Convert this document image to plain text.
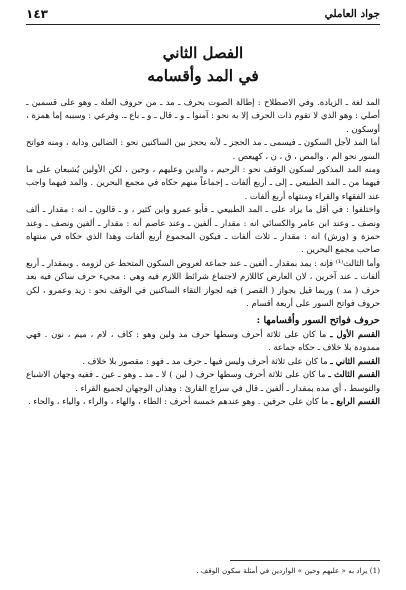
جواد العاملي
١٤٣
الفصل الثاني
في المد وأقسامه

المد لغة ـ الزيادة. وفي الاصطلاح : إطالة الصوت بحرف ـ مد ـ من حروف العلة ـ وهو على قسمين ـ أصلي : وهو الذي لا تقوم ذات الحرف إلا به نحو : آمنوا ـ و ـ قال ـ و ـ باع ـ. وفرعي : وسببه إما همزة ، أوسكون .

أما المد لأجل السكون ـ فيسمى ـ مد الحجز ـ لأنه يحجز بين الساكنين نحو : الضالين ودابة ، ومنه فواتح السور نحو الم ، والمص ، ق ، ن ، كهيعص .

ومنه المد المذكور لسكون الوقف نحو : الرحيم ، والدين وعليهم ، وحين ، لكن الأولين يُشبعان على ما فيهما من ـ المد الطبيعي ـ إلى ـ أربع ألفات ـ إجماعاً منهم حكاه في مجمع البحرين . والمد فيهما واجب عند الفقهاء والقراء ومنتهاه أربع ألفات .

واختلفوا : في أقل ما يزاد على ـ المد الطبيعي ـ فأبو عمرو وابن كثير ، و ـ قالون ـ انه : مقدار ـ ألف ونصف ـ وعند ابن عامر والكسائي انه : مقدار ـ ألفين ـ وعند عاصم أنه : مقدار ـ ألفين ونصف ـ وعند حمزة و (ورش) انه : مقدار ـ ثلاث ألفات ـ فيكون المجموع أربع ألفات وهذا الذي حكاه في منتهاه صاحب مجمع البحرين .

وأما الثالث⁽¹⁾ فإنه : يمد بمقدار ـ ألفين ـ عند جماعة لعروض السكون المتحط عن لزومه . وبمقدار ـ أربع ألفات ـ عند آخرين ، لان العارض كاللازم لاجتماع شرائط اللازم فيه وهي : مجيء حرف ساكن فيه بعد حرف ( مد ) وربما قيل بجواز ( القصر ) فيه لجواز التقاء الساكنين في الوقف نحو : زيد وعمرو ، لكن حروف فواتح السور على أربعة أقسام .

حروف فواتح السور وأقسامها :

القسم الأول ـ ما كان على ثلاثة أحرف وسطها حرف مد ولين وهو : كاف ، لام ، ميم ، نون . فهي ممدودة بلا خلاف ـ حكاه جماعة .

القسم الثاني ـ ما كان على ثلاثة أحرف وليس فيها ـ حرف مد ـ فهو : مقصور بلا خلاف .

القسم الثالث ـ ما كان على ثلاثة أحرف وسطها حرف ( لين ) لا ـ مد ـ وهو ـ عين ـ ففيه وجهان الاشباع والتوسط ، أي مده بمقدار ـ ألفين ـ قال في سراج القارئ : وهذان الوجهان لجميع القراء .

القسم الرابع ـ ما كان على حرفين . وهو عندهم خمسة أحرف : الطاء ، والهاء ، والراء ، والياء ، والحاء .

(1) يراد به « عليهم وحين » الواردين في أمثلة سكون الوقف .
